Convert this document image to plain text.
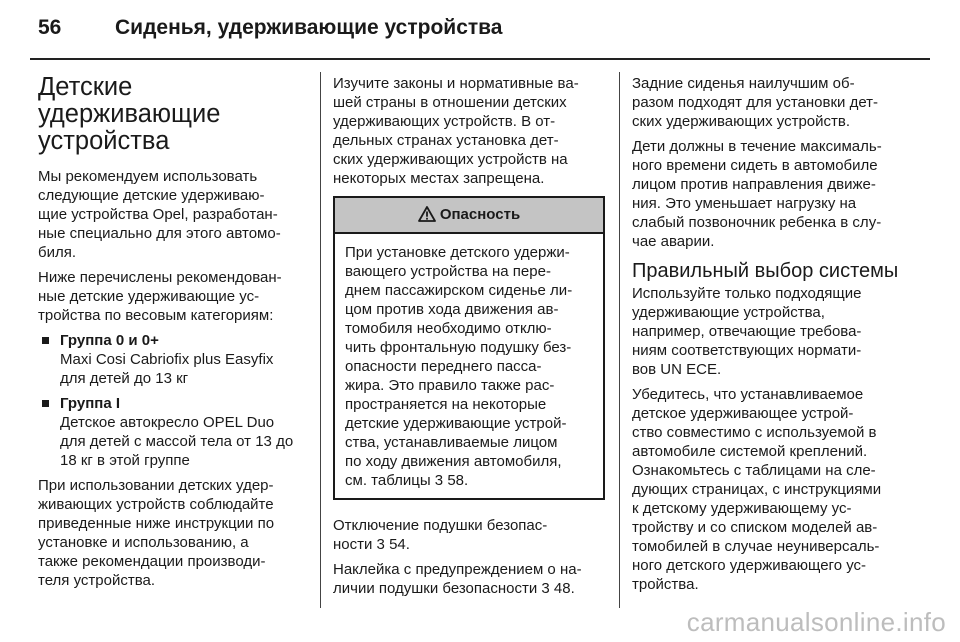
56	Сиденья, удерживающие устройства
Детские
удерживающие
устройства

Мы рекомендуем использовать
следующие детские удерживаю-
щие устройства Opel, разработан-
ные специально для этого автомо-
биля.

Ниже перечислены рекомендован-
ные детские удерживающие ус-
тройства по весовым категориям:

Группа 0 и 0+
Maxi Cosi Cabriofix plus Easyfix
для детей до 13 кг
Группа I
Детское автокресло OPEL Duo
для детей с массой тела от 13 до
18 кг в этой группе

При использовании детских удер-
живающих устройств соблюдайте
приведенные ниже инструкции по
установке и использованию, а
также рекомендации производи-
теля устройства.

Изучите законы и нормативные ва-
шей страны в отношении детских
удерживающих устройств. В от-
дельных странах установка дет-
ских удерживающих устройств на
некоторых местах запрещена.

Опасность
При установке детского удержи-
вающего устройства на пере-
днем пассажирском сиденье ли-
цом против хода движения ав-
томобиля необходимо отклю-
чить фронтальную подушку без-
опасности переднего пасса-
жира. Это правило также рас-
пространяется на некоторые
детские удерживающие устрой-
ства, устанавливаемые лицом
по ходу движения автомобиля,
см. таблицы 3 58.

Отключение подушки безопас-
ности 3 54.

Наклейка с предупреждением о на-
личии подушки безопасности 3 48.

Задние сиденья наилучшим об-
разом подходят для установки дет-
ских удерживающих устройств.

Дети должны в течение максималь-
ного времени сидеть в автомобиле
лицом против направления движе-
ния. Это уменьшает нагрузку на
слабый позвоночник ребенка в слу-
чае аварии.

Правильный выбор системы

Используйте только подходящие
удерживающие устройства,
например, отвечающие требова-
ниям соответствующих нормати-
вов UN ECE.

Убедитесь, что устанавливаемое
детское удерживающее устрой-
ство совместимо с используемой в
автомобиле системой креплений.
Ознакомьтесь с таблицами на сле-
дующих страницах, с инструкциями
к детскому удерживающему ус-
тройству и со списком моделей ав-
томобилей в случае неуниверсаль-
ного детского удерживающего ус-
тройства.

carmanualsonline.info
